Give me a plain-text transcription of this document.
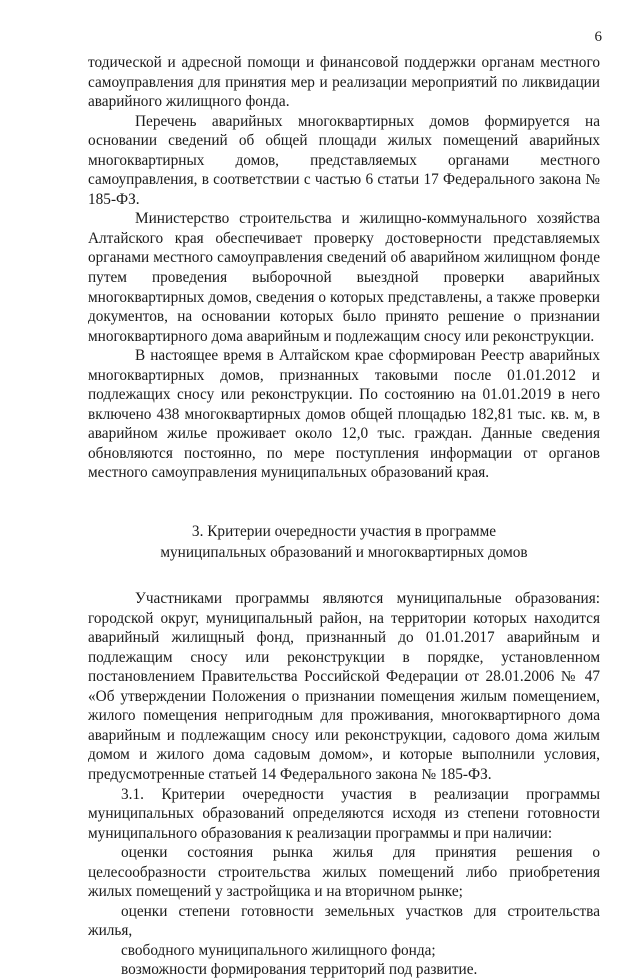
6

тодической и адресной помощи и финансовой поддержки органам местного самоуправления для принятия мер и реализации мероприятий по ликвидации аварийного жилищного фонда.

Перечень аварийных многоквартирных домов формируется на основании сведений об общей площади жилых помещений аварийных многоквартирных домов, представляемых органами местного самоуправления, в соответствии с частью 6 статьи 17 Федерального закона № 185-ФЗ.

Министерство строительства и жилищно-коммунального хозяйства Алтайского края обеспечивает проверку достоверности представляемых органами местного самоуправления сведений об аварийном жилищном фонде путем проведения выборочной выездной проверки аварийных многоквартирных домов, сведения о которых представлены, а также проверки документов, на основании которых было принято решение о признании многоквартирного дома аварийным и подлежащим сносу или реконструкции.

В настоящее время в Алтайском крае сформирован Реестр аварийных многоквартирных домов, признанных таковыми после 01.01.2012 и подлежащих сносу или реконструкции. По состоянию на 01.01.2019 в него включено 438 многоквартирных домов общей площадью 182,81 тыс. кв. м, в аварийном жилье проживает около 12,0 тыс. граждан. Данные сведения обновляются постоянно, по мере поступления информации от органов местного самоуправления муниципальных образований края.

3. Критерии очередности участия в программе

муниципальных образований и многоквартирных домов

Участниками программы являются муниципальные образования: городской округ, муниципальный район, на территории которых находится аварийный жилищный фонд, признанный до 01.01.2017 аварийным и подлежащим сносу или реконструкции в порядке, установленном постановлением Правительства Российской Федерации от 28.01.2006 № 47 «Об утверждении Положения о признании помещения жилым помещением, жилого помещения непригодным для проживания, многоквартирного дома аварийным и подлежащим сносу или реконструкции, садового дома жилым домом и жилого дома садовым домом», и которые выполнили условия, предусмотренные статьей 14 Федерального закона № 185-ФЗ.

3.1. Критерии очередности участия в реализации программы муниципальных образований определяются исходя из степени готовности муниципального образования к реализации программы и при наличии:

оценки состояния рынка жилья для принятия решения о целесообразности строительства жилых помещений либо приобретения жилых помещений у застройщика и на вторичном рынке;

оценки степени готовности земельных участков для строительства жилья,

свободного муниципального жилищного фонда;

возможности формирования территорий под развитие.
